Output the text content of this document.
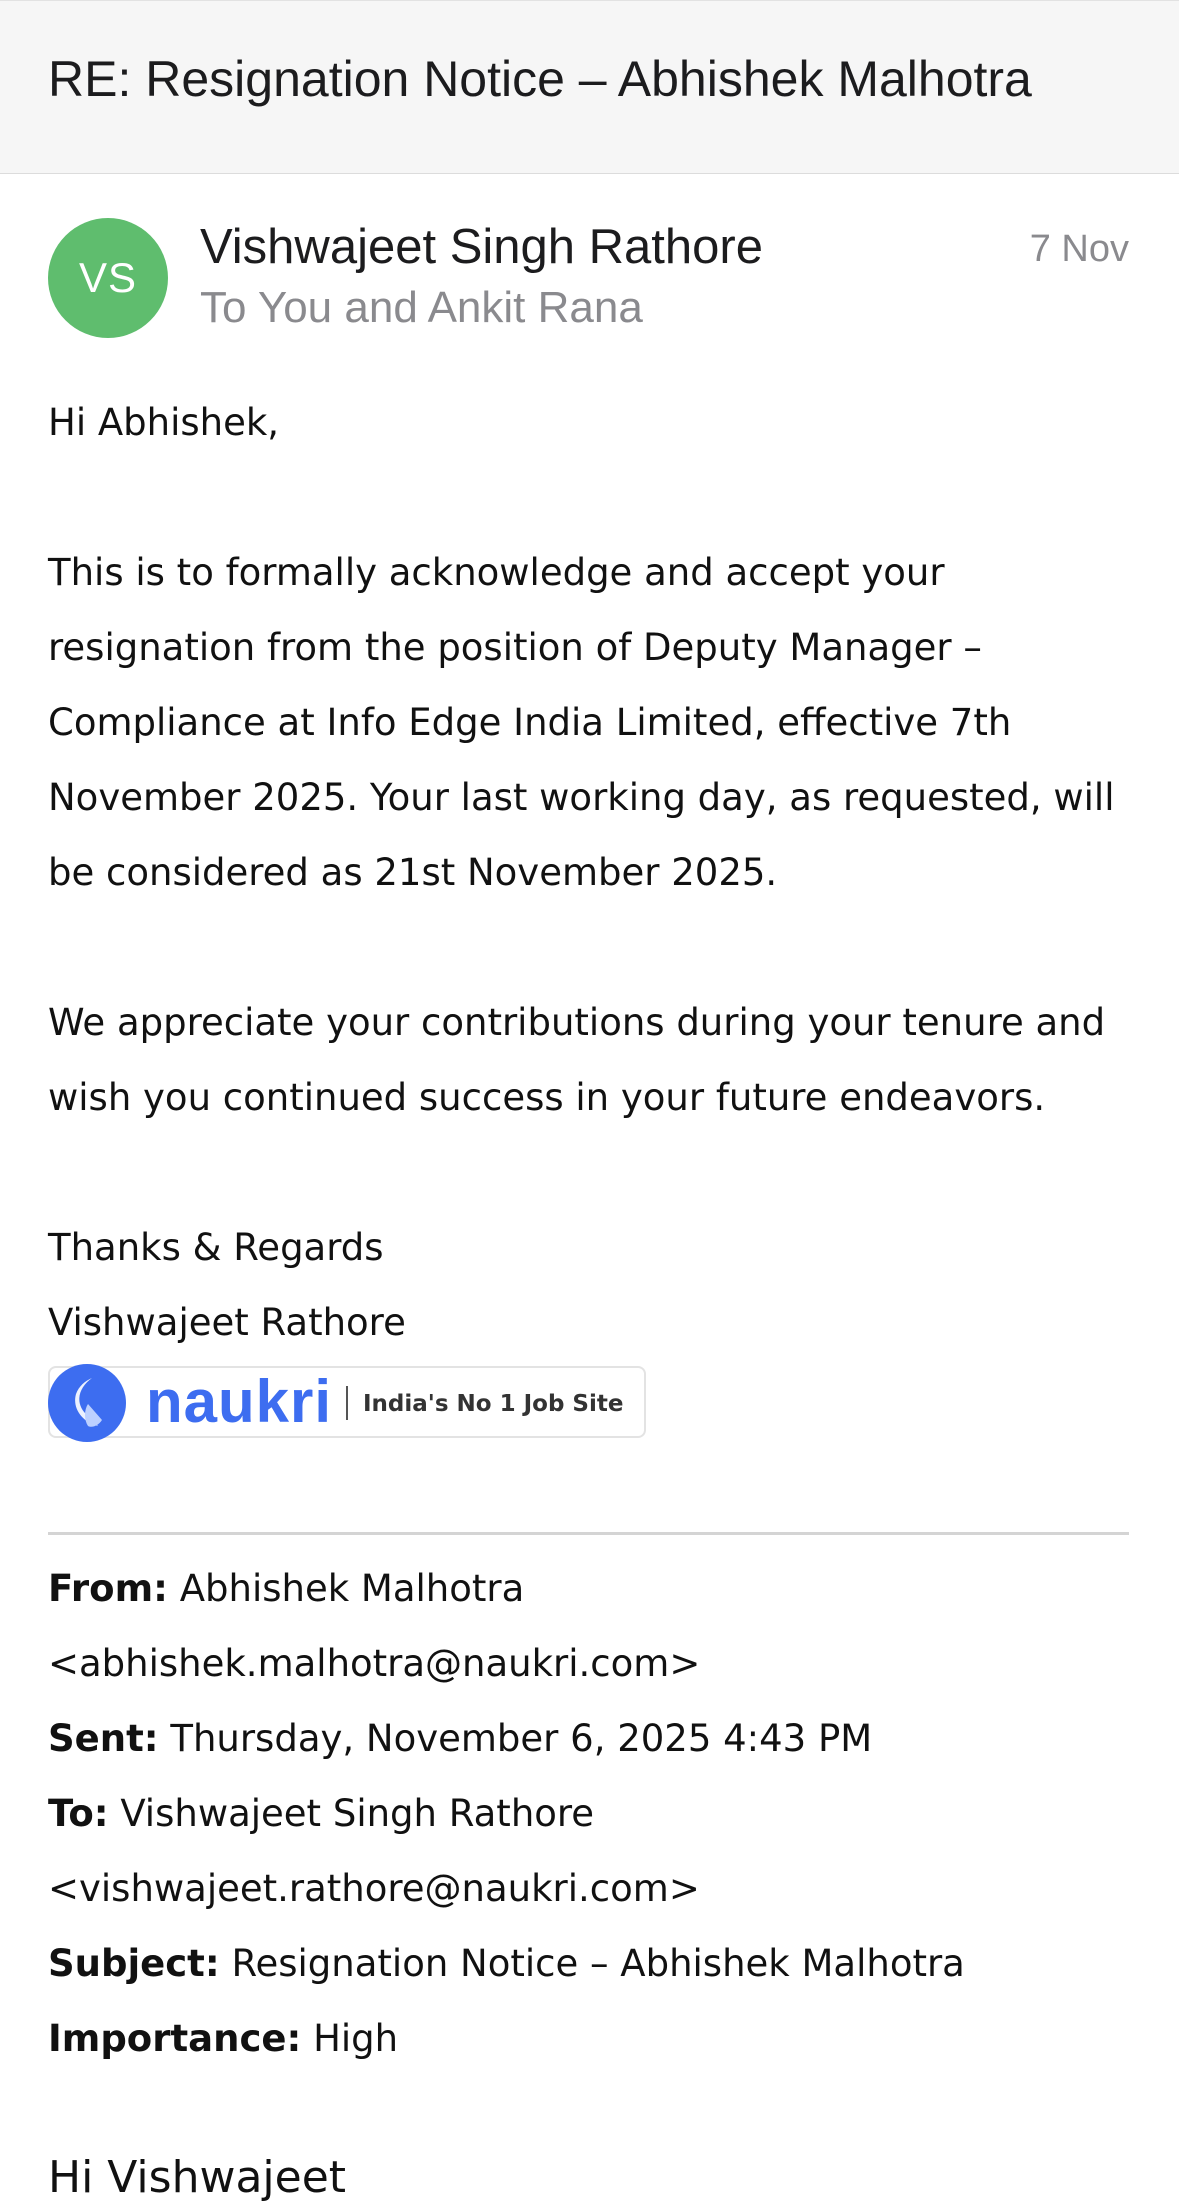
RE: Resignation Notice – Abhishek Malhotra
VS
Vishwajeet Singh Rathore
To You and Ankit Rana
7 Nov

Hi Abhishek,

This is to formally acknowledge and accept your resignation from the position of Deputy Manager – Compliance at Info Edge India Limited, effective 7th November 2025. Your last working day, as requested, will be considered as 21st November 2025.

We appreciate your contributions during your tenure and wish you continued success in your future endeavors.

Thanks & Regards

Vishwajeet Rathore

naukri India's No 1 Job Site

From: Abhishek Malhotra

<abhishek.malhotra@naukri.com>

Sent: Thursday, November 6, 2025 4:43 PM

To: Vishwajeet Singh Rathore

<vishwajeet.rathore@naukri.com>

Subject: Resignation Notice – Abhishek Malhotra

Importance: High

Hi Vishwajeet
